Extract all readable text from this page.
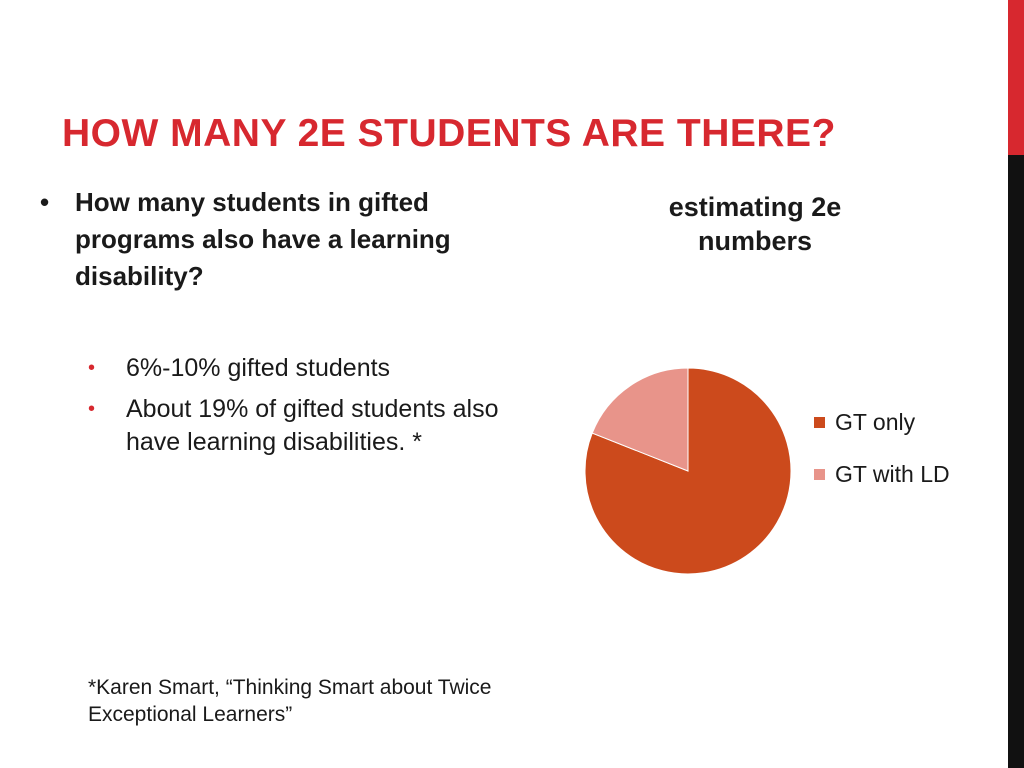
HOW MANY 2E STUDENTS ARE THERE?
• How many students in gifted programs also have a learning disability?
•	6%-10% gifted students
•	About 19% of gifted students also have learning disabilities. *
*Karen Smart, “Thinking Smart about Twice Exceptional Learners”
estimating 2e numbers
GT only
GT with LD
